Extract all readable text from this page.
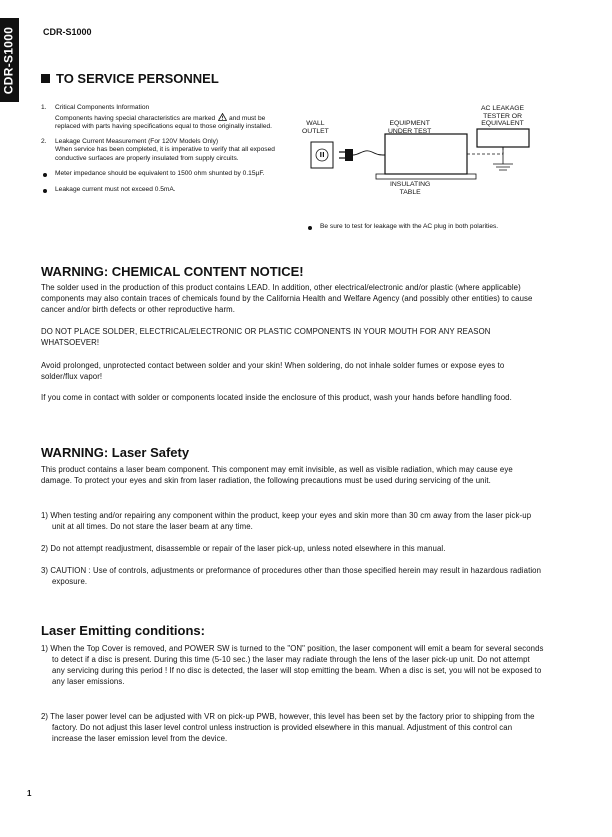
CDR-S1000	CDR-S1000
TO SERVICE PERSONNEL
1. Critical Components Information
Components having special characteristics are marked and must be replaced with parts having specifications equal to those originally installed.
2. Leakage Current Measurement (For 120V Models Only)
When service has been completed, it is imperative to verify that all exposed conductive surfaces are properly insulated from supply circuits.
Meter impedance should be equivalent to 1500 ohm shunted by 0.15µF.
Leakage current must not exceed 0.5mA.
WALL
OUTLET
EQUIPMENT
UNDER TEST
AC LEAKAGE
TESTER OR
EQUIVALENT
INSULATING
TABLE
Be sure to test for leakage with the AC plug in both polarities.
WARNING: CHEMICAL CONTENT NOTICE!

The solder used in the production of this product contains LEAD. In addition, other electrical/electronic and/or plastic (where applicable) components may also contain traces of chemicals found by the California Health and Welfare Agency (and possibly other entities) to cause cancer and/or birth defects or other reproductive harm.

DO NOT PLACE SOLDER, ELECTRICAL/ELECTRONIC OR PLASTIC COMPONENTS IN YOUR MOUTH FOR ANY REASON WHATSOEVER!

Avoid prolonged, unprotected contact between solder and your skin! When soldering, do not inhale solder fumes or expose eyes to solder/flux vapor!

If you come in contact with solder or components located inside the enclosure of this product, wash your hands before handling food.

WARNING: Laser Safety

This product contains a laser beam component. This component may emit invisible, as well as visible radiation, which may cause eye damage. To protect your eyes and skin from laser radiation, the following precautions must be used during servicing of the unit.

1) When testing and/or repairing any component within the product, keep your eyes and skin more than 30 cm away from the laser pick-up unit at all times. Do not stare the laser beam at any time.

2) Do not attempt readjustment, disassemble or repair of the laser pick-up, unless noted elsewhere in this manual.

3) CAUTION : Use of controls, adjustments or preformance of procedures other than those specified herein may result in hazardous radiation exposure.

Laser Emitting conditions:

1) When the Top Cover is removed, and POWER SW is turned to the "ON" position, the laser component will emit a beam for several seconds to detect if a disc is present. During this time (5-10 sec.) the laser may radiate through the lens of the laser pick-up unit. Do not attempt any servicing during this period ! If no disc is detected, the laser will stop emitting the beam. When a disc is set, you will not be exposed to any laser emissions.

2) The laser power level can be adjusted with VR on pick-up PWB, however, this level has been set by the factory prior to shipping from the factory. Do not adjust this laser level control unless instruction is provided elsewhere in this manual. Adjustment of this control can increase the laser emission level from the device.

1
